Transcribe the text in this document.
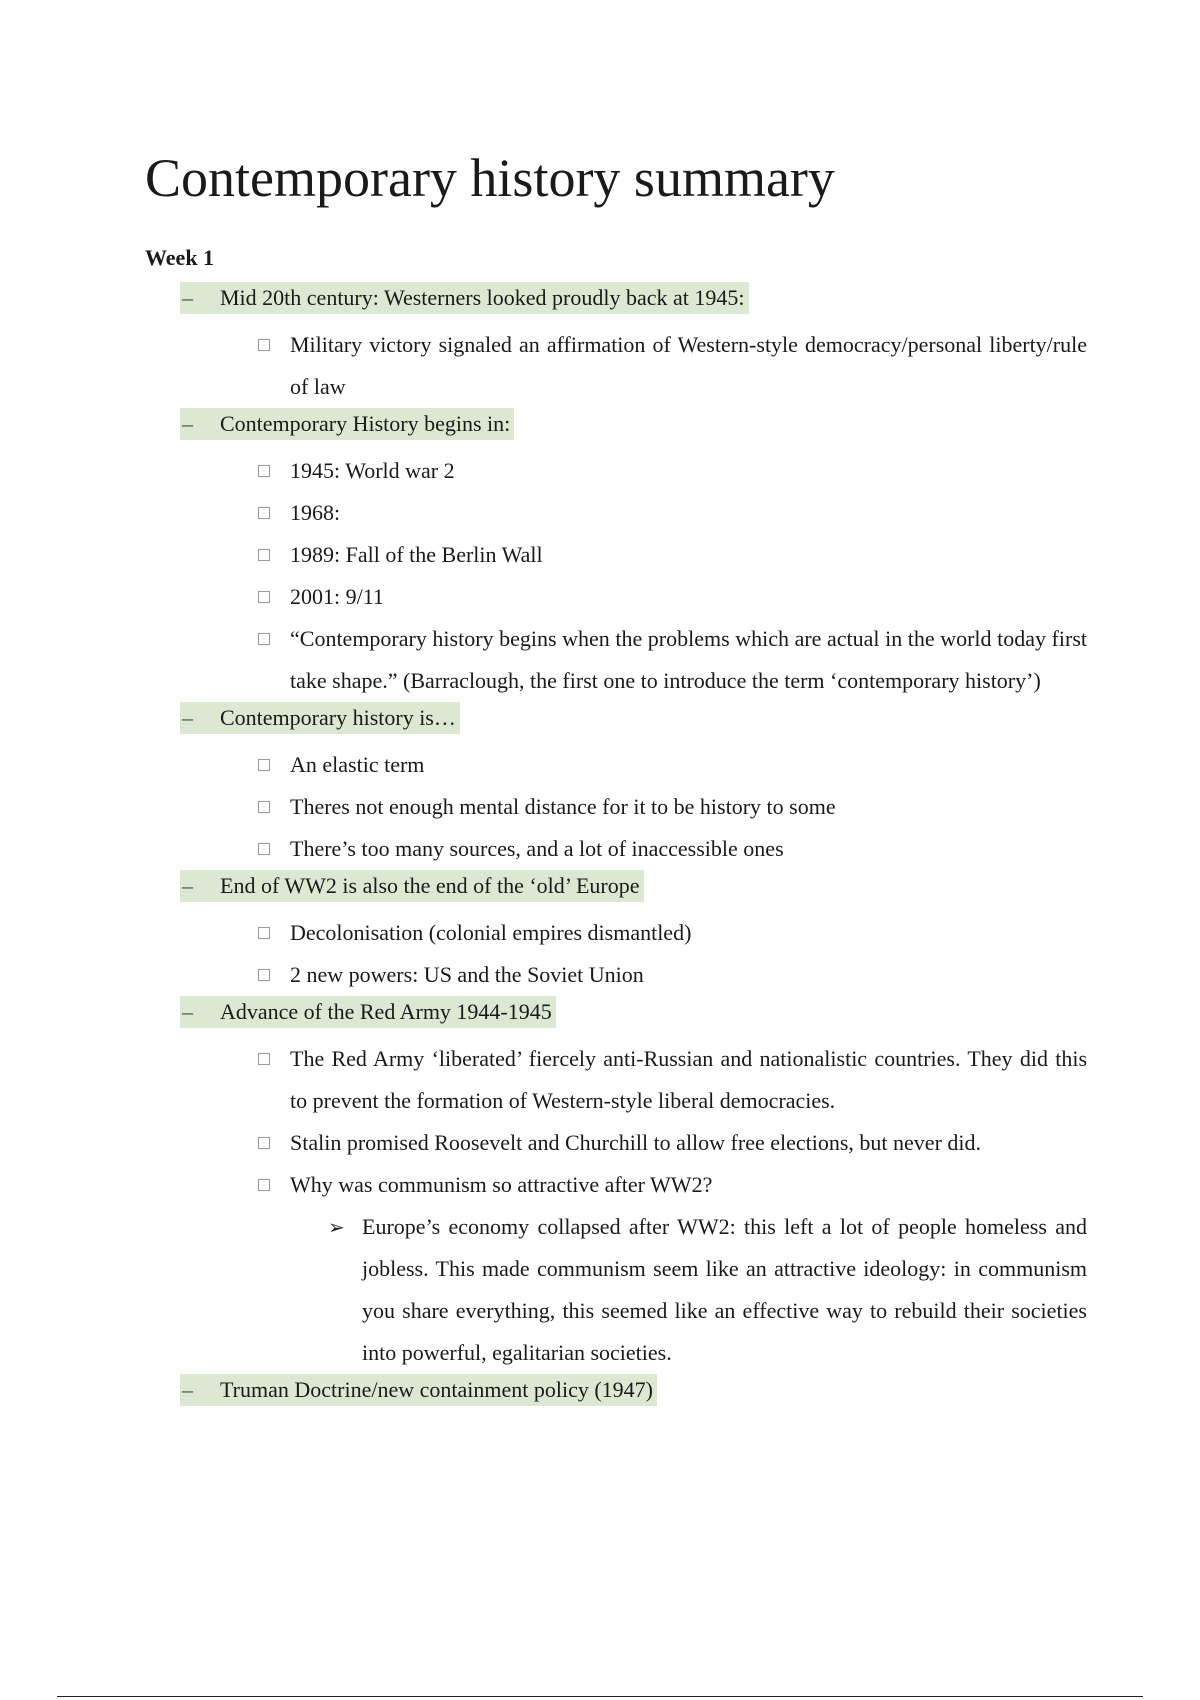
Contemporary history summary
Week 1
– Mid 20th century: Westerners looked proudly back at 1945:
Military victory signaled an affirmation of Western-style democracy/personal liberty/rule of law
– Contemporary History begins in:
1945: World war 2
1968:
1989: Fall of the Berlin Wall
2001: 9/11
“Contemporary history begins when the problems which are actual in the world today first take shape.” (Barraclough, the first one to introduce the term ‘contemporary history’)
– Contemporary history is…
An elastic term
Theres not enough mental distance for it to be history to some
There’s too many sources, and a lot of inaccessible ones
– End of WW2 is also the end of the ‘old’ Europe
Decolonisation (colonial empires dismantled)
2 new powers: US and the Soviet Union
– Advance of the Red Army 1944-1945
The Red Army ‘liberated’ fiercely anti-Russian and nationalistic countries. They did this to prevent the formation of Western-style liberal democracies.
Stalin promised Roosevelt and Churchill to allow free elections, but never did.
Why was communism so attractive after WW2?
➢ Europe’s economy collapsed after WW2: this left a lot of people homeless and jobless. This made communism seem like an attractive ideology: in communism you share everything, this seemed like an effective way to rebuild their societies into powerful, egalitarian societies.
– Truman Doctrine/new containment policy (1947)
